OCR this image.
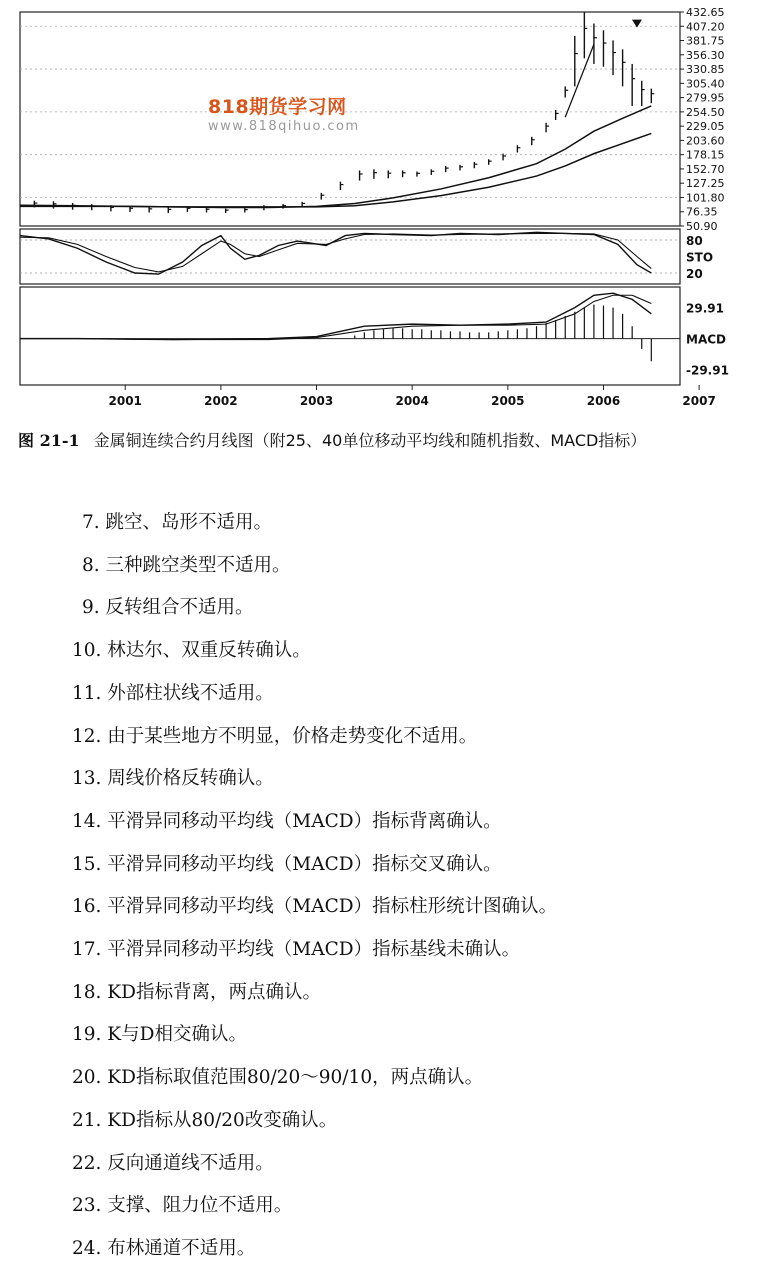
432.65
407.20
381.75
356.30
330.85
305.40
279.95
254.50
229.05
203.60
178.15
152.70
127.25
101.80
76.35
50.90
80
20
STO
29.91
-29.91
MACD
2001	2002	2003	2004	2005	2006	2007
818期货学习网
www.818qihuo.com
图 21-1 金属铜连续合约月线图（附25、40单位移动平均线和随机指数、MACD指标）
7. 跳空、岛形不适用。
8. 三种跳空类型不适用。
9. 反转组合不适用。
10. 林达尔、双重反转确认。
11. 外部柱状线不适用。
12. 由于某些地方不明显，价格走势变化不适用。
13. 周线价格反转确认。
14. 平滑异同移动平均线（MACD）指标背离确认。
15. 平滑异同移动平均线（MACD）指标交叉确认。
16. 平滑异同移动平均线（MACD）指标柱形统计图确认。
17. 平滑异同移动平均线（MACD）指标基线未确认。
18. KD指标背离，两点确认。
19. K与D相交确认。
20. KD指标取值范围80/20～90/10，两点确认。
21. KD指标从80/20改变确认。
22. 反向通道线不适用。
23. 支撑、阻力位不适用。
24. 布林通道不适用。
